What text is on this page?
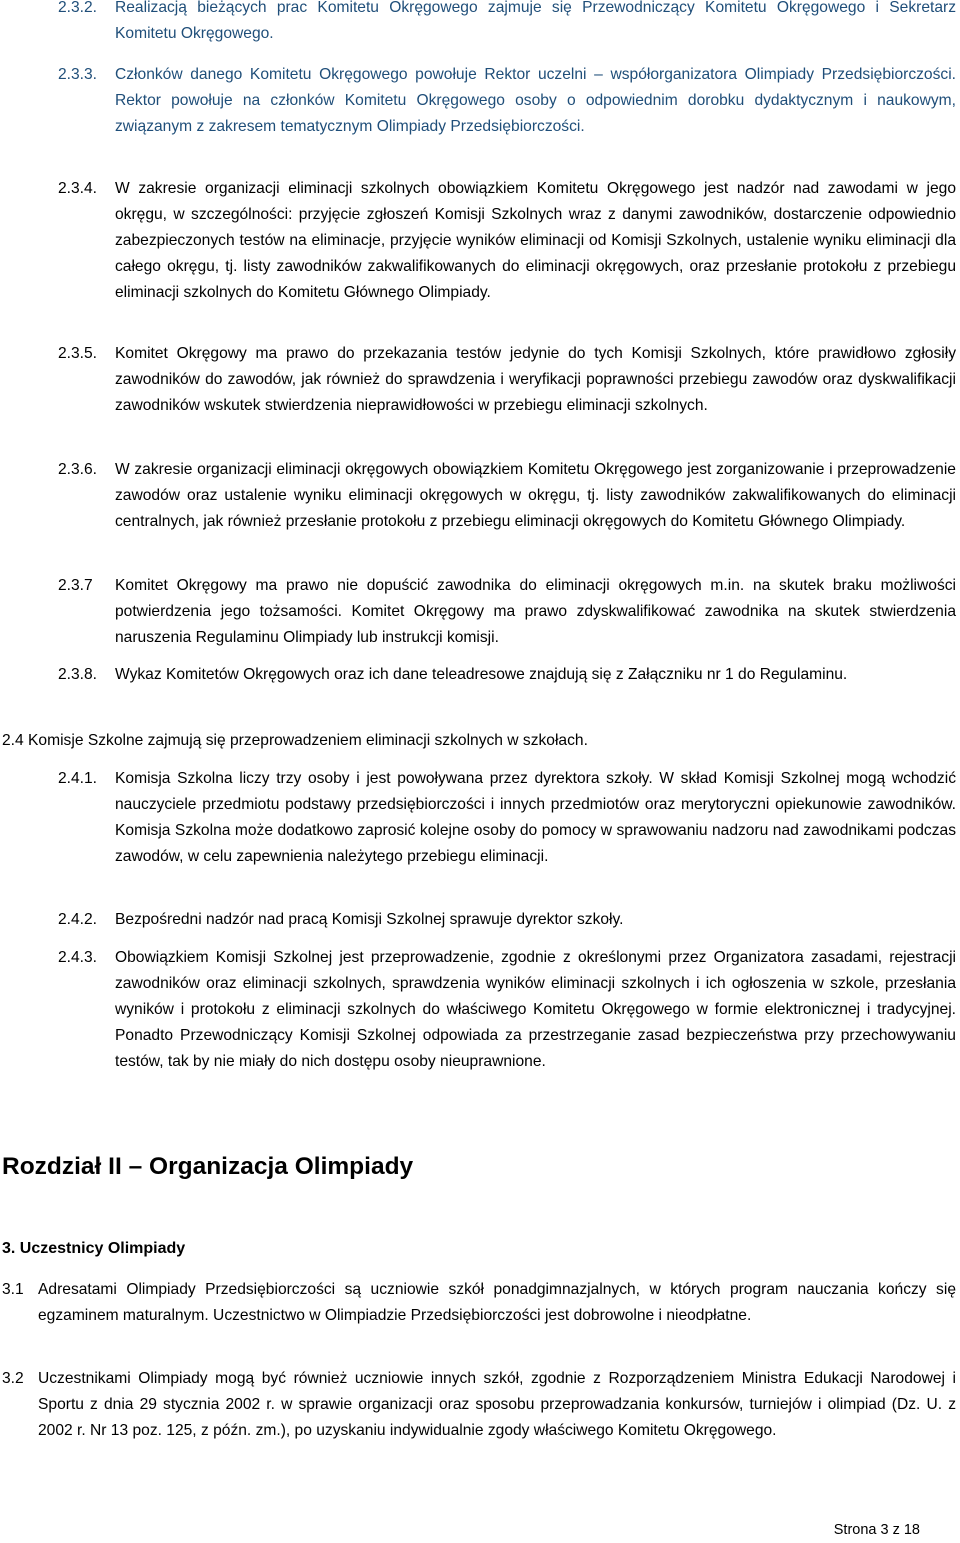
2.3.2. Realizacją bieżących prac Komitetu Okręgowego zajmuje się Przewodniczący Komitetu Okręgowego i Sekretarz Komitetu Okręgowego.
2.3.3. Członków danego Komitetu Okręgowego powołuje Rektor uczelni – współorganizatora Olimpiady Przedsiębiorczości. Rektor powołuje na członków Komitetu Okręgowego osoby o odpowiednim dorobku dydaktycznym i naukowym, związanym z zakresem tematycznym Olimpiady Przedsiębiorczości.
2.3.4. W zakresie organizacji eliminacji szkolnych obowiązkiem Komitetu Okręgowego jest nadzór nad zawodami w jego okręgu, w szczególności: przyjęcie zgłoszeń Komisji Szkolnych wraz z danymi zawodników, dostarczenie odpowiednio zabezpieczonych testów na eliminacje, przyjęcie wyników eliminacji od Komisji Szkolnych, ustalenie wyniku eliminacji dla całego okręgu, tj. listy zawodników zakwalifikowanych do eliminacji okręgowych, oraz przesłanie protokołu z przebiegu eliminacji szkolnych do Komitetu Głównego Olimpiady.
2.3.5. Komitet Okręgowy ma prawo do przekazania testów jedynie do tych Komisji Szkolnych, które prawidłowo zgłosiły zawodników do zawodów, jak również do sprawdzenia i weryfikacji poprawności przebiegu zawodów oraz dyskwalifikacji zawodników wskutek stwierdzenia nieprawidłowości w przebiegu eliminacji szkolnych.
2.3.6. W zakresie organizacji eliminacji okręgowych obowiązkiem Komitetu Okręgowego jest zorganizowanie i przeprowadzenie zawodów oraz ustalenie wyniku eliminacji okręgowych w okręgu, tj. listy zawodników zakwalifikowanych do eliminacji centralnych, jak również przesłanie protokołu z przebiegu eliminacji okręgowych do Komitetu Głównego Olimpiady.
2.3.7 Komitet Okręgowy ma prawo nie dopuścić zawodnika do eliminacji okręgowych m.in. na skutek braku możliwości potwierdzenia jego tożsamości. Komitet Okręgowy ma prawo zdyskwalifikować zawodnika na skutek stwierdzenia naruszenia Regulaminu Olimpiady lub instrukcji komisji.
2.3.8. Wykaz Komitetów Okręgowych oraz ich dane teleadresowe znajdują się z Załączniku nr 1 do Regulaminu.
2.4 Komisje Szkolne zajmują się przeprowadzeniem eliminacji szkolnych w szkołach.
2.4.1. Komisja Szkolna liczy trzy osoby i jest powoływana przez dyrektora szkoły. W skład Komisji Szkolnej mogą wchodzić nauczyciele przedmiotu podstawy przedsiębiorczości i innych przedmiotów oraz merytoryczni opiekunowie zawodników. Komisja Szkolna może dodatkowo zaprosić kolejne osoby do pomocy w sprawowaniu nadzoru nad zawodnikami podczas zawodów, w celu zapewnienia należytego przebiegu eliminacji.
2.4.2. Bezpośredni nadzór nad pracą Komisji Szkolnej sprawuje dyrektor szkoły.
2.4.3. Obowiązkiem Komisji Szkolnej jest przeprowadzenie, zgodnie z określonymi przez Organizatora zasadami, rejestracji zawodników oraz eliminacji szkolnych, sprawdzenia wyników eliminacji szkolnych i ich ogłoszenia w szkole, przesłania wyników i protokołu z eliminacji szkolnych do właściwego Komitetu Okręgowego w formie elektronicznej i tradycyjnej. Ponadto Przewodniczący Komisji Szkolnej odpowiada za przestrzeganie zasad bezpieczeństwa przy przechowywaniu testów, tak by nie miały do nich dostępu osoby nieuprawnione.
Rozdział II – Organizacja Olimpiady
3. Uczestnicy Olimpiady
3.1 Adresatami Olimpiady Przedsiębiorczości są uczniowie szkół ponadgimnazjalnych, w których program nauczania kończy się egzaminem maturalnym. Uczestnictwo w Olimpiadzie Przedsiębiorczości jest dobrowolne i nieodpłatne.
3.2 Uczestnikami Olimpiady mogą być również uczniowie innych szkół, zgodnie z Rozporządzeniem Ministra Edukacji Narodowej i Sportu z dnia 29 stycznia 2002 r. w sprawie organizacji oraz sposobu przeprowadzania konkursów, turniejów i olimpiad (Dz. U. z 2002 r. Nr 13 poz. 125, z późn. zm.), po uzyskaniu indywidualnie zgody właściwego Komitetu Okręgowego.
Strona 3 z 18
